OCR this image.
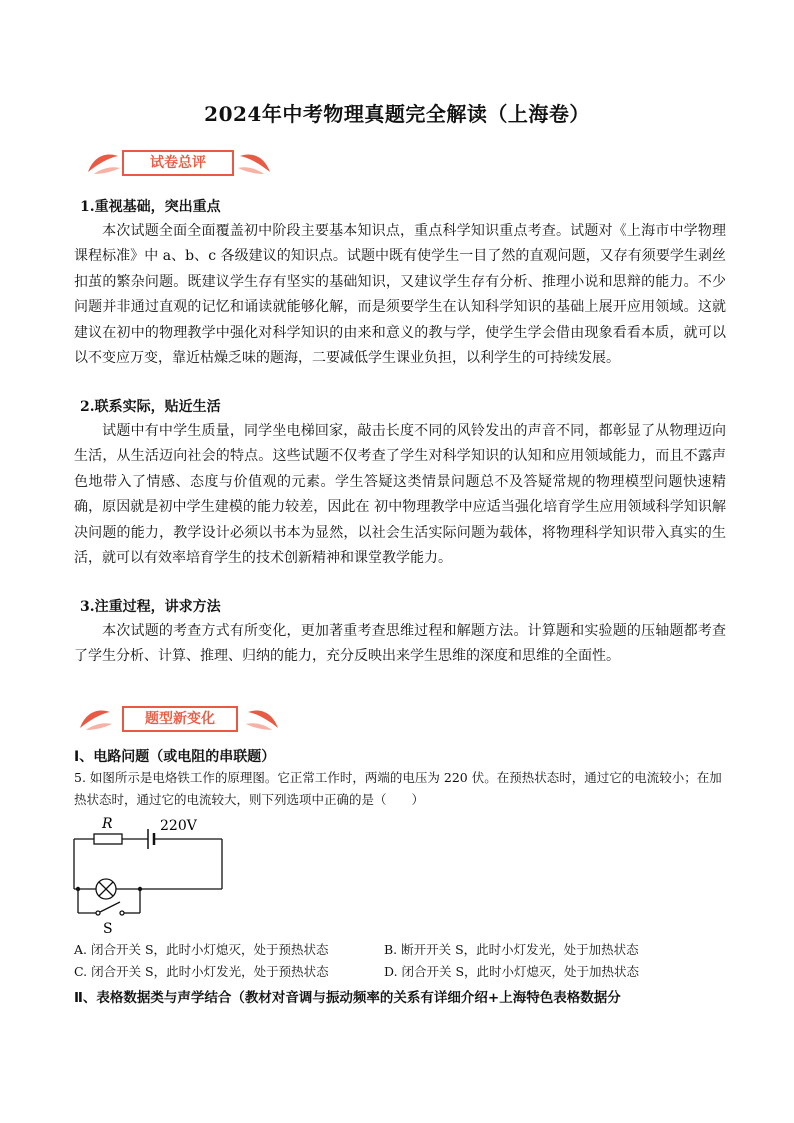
2024年中考物理真题完全解读（上海卷）
试卷总评
1.重视基础，突出重点
本次试题全面全面覆盖初中阶段主要基本知识点，重点科学知识重点考查。试题对《上海市中学物理课程标准》中 a、b、c 各级建议的知识点。试题中既有使学生一目了然的直观问题，又存有须要学生剥丝扣茧的繁杂问题。既建议学生存有坚实的基础知识，又建议学生存有分析、推理小说和思辩的能力。不少问题并非通过直观的记忆和诵读就能够化解，而是须要学生在认知科学知识的基础上展开应用领域。这就建议在初中的物理教学中强化对科学知识的由来和意义的教与学，使学生学会借由现象看看本质，就可以以不变应万变，靠近枯燥乏味的题海，二要减低学生课业负担，以利学生的可持续发展。
2.联系实际，贴近生活
试题中有中学生质量，同学坐电梯回家，敲击长度不同的风铃发出的声音不同，都彰显了从物理迈向生活，从生活迈向社会的特点。这些试题不仅考查了学生对科学知识的认知和应用领域能力，而且不露声色地带入了情感、态度与价值观的元素。学生答疑这类情景问题总不及答疑常规的物理模型问题快速精确，原因就是初中学生建模的能力较差，因此在 初中物理教学中应适当强化培育学生应用领域科学知识解决问题的能力，教学设计必须以书本为显然，以社会生活实际问题为载体，将物理科学知识带入真实的生活，就可以有效率培育学生的技术创新精神和课堂教学能力。
3.注重过程，讲求方法
本次试题的考查方式有所变化，更加著重考查思维过程和解题方法。计算题和实验题的压轴题都考查了学生分析、计算、推理、归纳的能力，充分反映出来学生思维的深度和思维的全面性。
题型新变化
Ⅰ、电路问题（或电阻的串联题）
5. 如图所示是电烙铁工作的原理图。它正常工作时，两端的电压为 220 伏。在预热状态时，通过它的电流较小；在加热状态时，通过它的电流较大，则下列选项中正确的是（　　）
R	220V
S
A. 闭合开关 S，此时小灯熄灭，处于预热状态	B. 断开开关 S，此时小灯发光，处于加热状态
C. 闭合开关 S，此时小灯发光，处于预热状态	D. 闭合开关 S，此时小灯熄灭，处于加热状态
Ⅱ、表格数据类与声学结合（教材对音调与振动频率的关系有详细介绍+上海特色表格数据分
